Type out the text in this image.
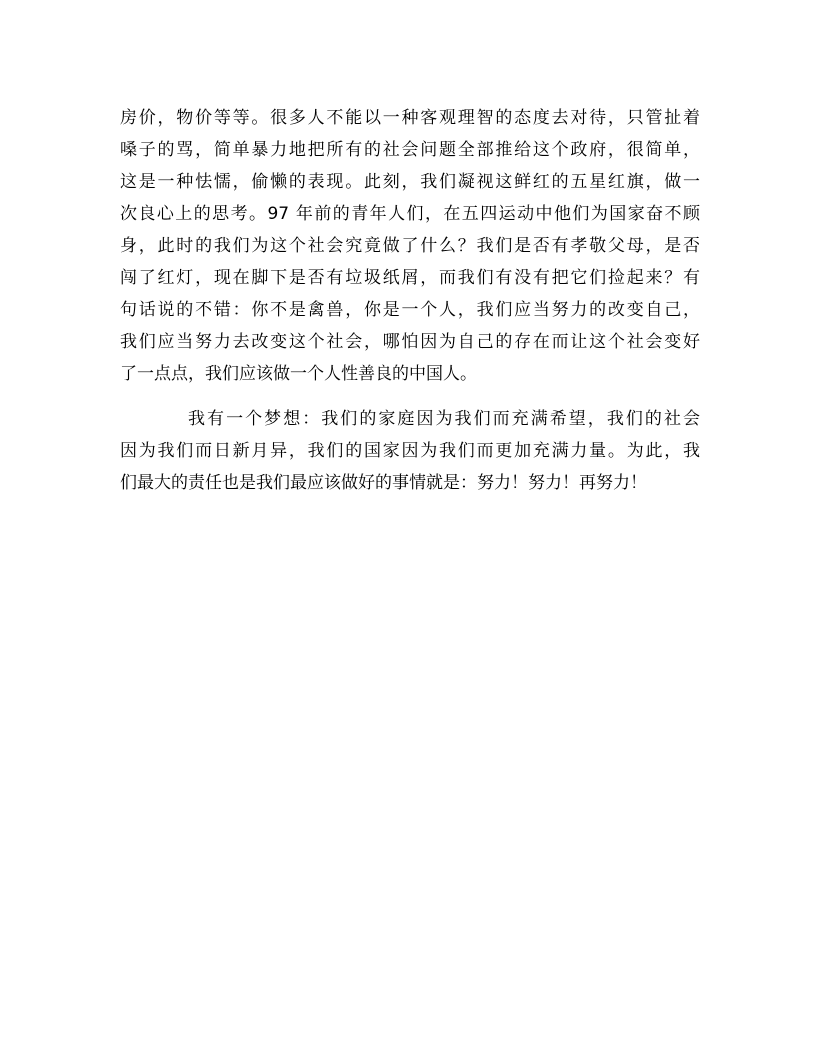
房价，物价等等。很多人不能以一种客观理智的态度去对待，只管扯着
嗓子的骂，简单暴力地把所有的社会问题全部推给这个政府，很简单，
这是一种怯懦，偷懒的表现。此刻，我们凝视这鲜红的五星红旗，做一
次良心上的思考。97 年前的青年人们，在五四运动中他们为国家奋不顾
身，此时的我们为这个社会究竟做了什么？我们是否有孝敬父母，是否
闯了红灯，现在脚下是否有垃圾纸屑，而我们有没有把它们捡起来？有
句话说的不错：你不是禽兽，你是一个人，我们应当努力的改变自己，
我们应当努力去改变这个社会，哪怕因为自己的存在而让这个社会变好
了一点点，我们应该做一个人性善良的中国人。
我有一个梦想：我们的家庭因为我们而充满希望，我们的社会
因为我们而日新月异，我们的国家因为我们而更加充满力量。为此，我
们最大的责任也是我们最应该做好的事情就是：努力！努力！再努力！
